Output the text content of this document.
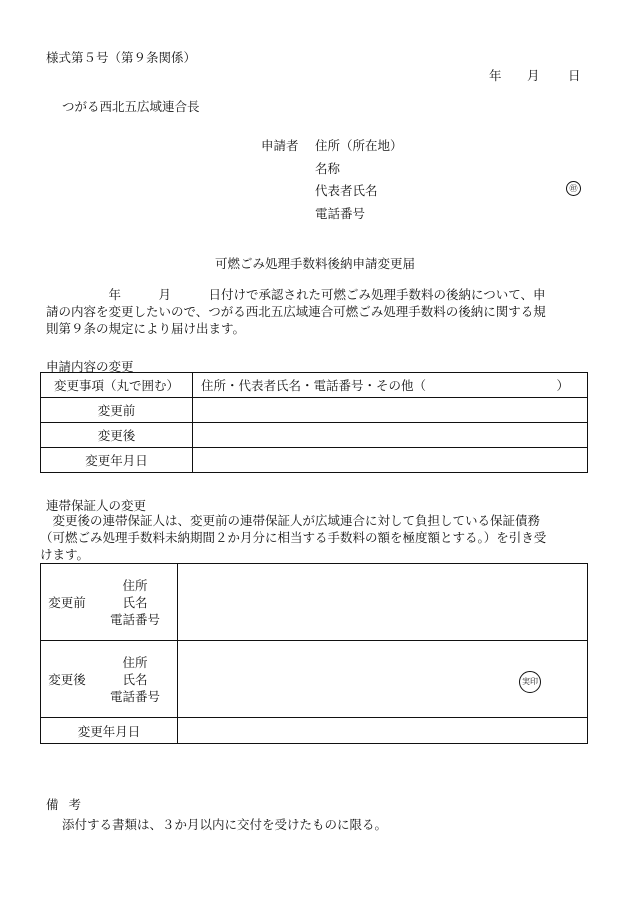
様式第５号（第９条関係）
年 月 日
つがる西北五広域連合長
申請者 住所（所在地）
名称
代表者氏名
電話番号
㊞
可燃ごみ処理手数料後納申請変更届
　　　　　年　　　月　　　日付けで承認された可燃ごみ処理手数料の後納について、申
請の内容を変更したいので、つがる西北五広域連合可燃ごみ処理手数料の後納に関する規
則第９条の規定により届け出ます。
申請内容の変更
変更事項（丸で囲む）	住所・代表者氏名・電話番号・その他（ ）

変更前	
変更後	
変更年月日	
連帯保証人の変更
　変更後の連帯保証人は、変更前の連帯保証人が広域連合に対して負担している保証債務
（可燃ごみ処理手数料未納期間２か月分に相当する手数料の額を極度額とする。）を引き受
けます。
変更前	住所
氏名
電話番号	

変更後	住所
氏名
電話番号	実印

変更年月日		
備考
添付する書類は、３か月以内に交付を受けたものに限る。
